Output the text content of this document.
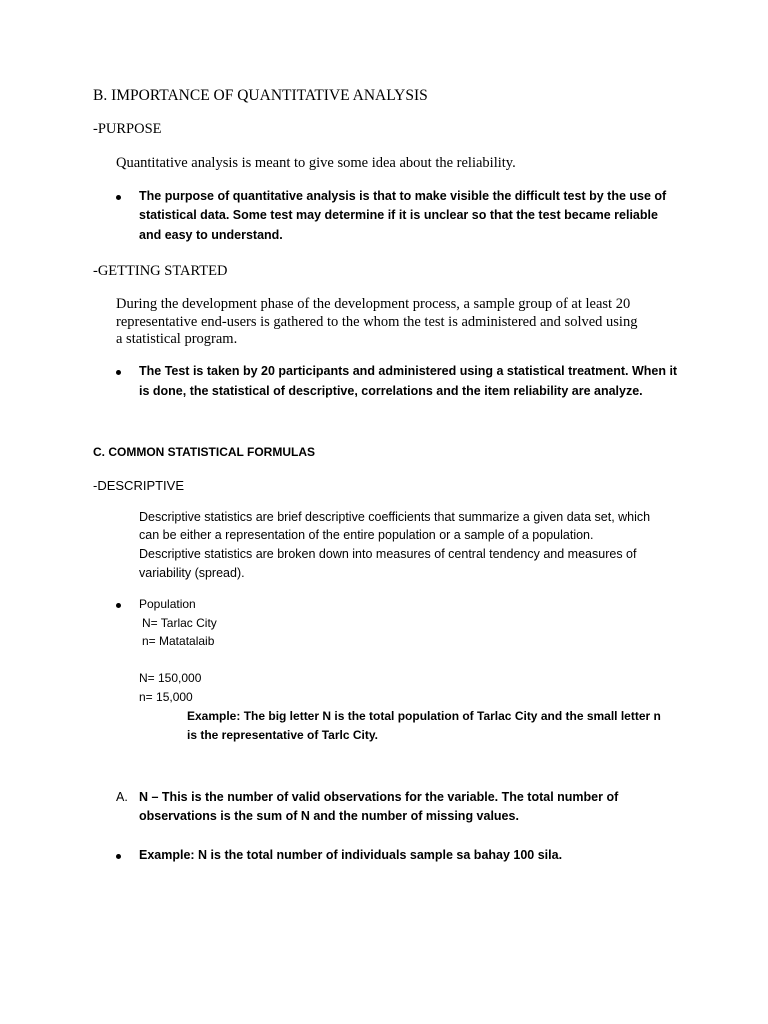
B. IMPORTANCE OF QUANTITATIVE ANALYSIS
-PURPOSE
Quantitative analysis is meant to give some idea about the reliability.
The purpose of quantitative analysis is that to make visible the difficult test by the use of
statistical data. Some test may determine if it is unclear so that the test became reliable
and easy to understand.
-GETTING STARTED
During the development phase of the development process, a sample group of at least 20
representative end-users is gathered to the whom the test is administered and solved using
a statistical program.
The Test is taken by 20 participants and administered using a statistical treatment. When it
is done, the statistical of descriptive, correlations and the item reliability are analyze.
C. COMMON STATISTICAL FORMULAS
-DESCRIPTIVE
Descriptive statistics are brief descriptive coefficients that summarize a given data set, which
can be either a representation of the entire population or a sample of a population.
Descriptive statistics are broken down into measures of central tendency and measures of
variability (spread).
Population
N= Tarlac City
n= Matatalaib
N= 150,000
n= 15,000
Example: The big letter N is the total population of Tarlac City and the small letter n
is the representative of Tarlc City.
A. N – This is the number of valid observations for the variable. The total number of
observations is the sum of N and the number of missing values.
Example: N is the total number of individuals sample sa bahay 100 sila.
